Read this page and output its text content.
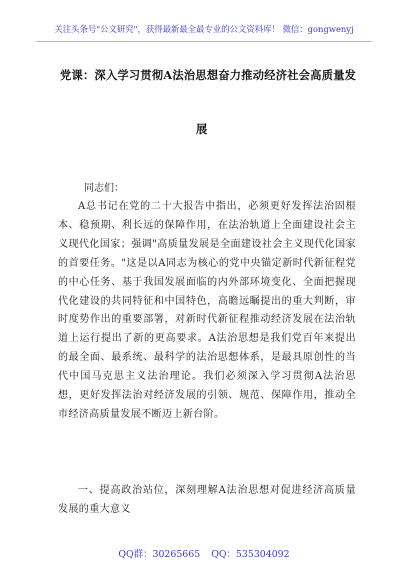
关注头条号"公文研究"，获得最新最全最专业的公文资料库！ 微信：gongwenyj
党课：深入学习贯彻A法治思想奋力推动经济社会高质量发
展
同志们：
A总书记在党的二十大报告中指出，必须更好发挥法治固根本、稳预期、利长远的保障作用，在法治轨道上全面建设社会主义现代化国家；强调"高质量发展是全面建设社会主义现代化国家的首要任务。"这是以A同志为核心的党中央锚定新时代新征程党的中心任务、基于我国发展面临的内外部环境变化、全面把握现代化建设的共同特征和中国特色，高瞻远瞩提出的重大判断，审时度势作出的重要部署，对新时代新征程推动经济发展在法治轨道上运行提出了新的更高要求。A法治思想是我们党百年来提出的最全面、最系统、最科学的法治思想体系，是最具原创性的当代中国马克思主义法治理论。我们必须深入学习贯彻A法治思想，更好发挥法治对经济发展的引领、规范、保障作用，推动全市经济高质量发展不断迈上新台阶。
一、提高政治站位，深刻理解A法治思想对促进经济高质量发展的重大意义
QQ群：30265665 QQ：535304092
